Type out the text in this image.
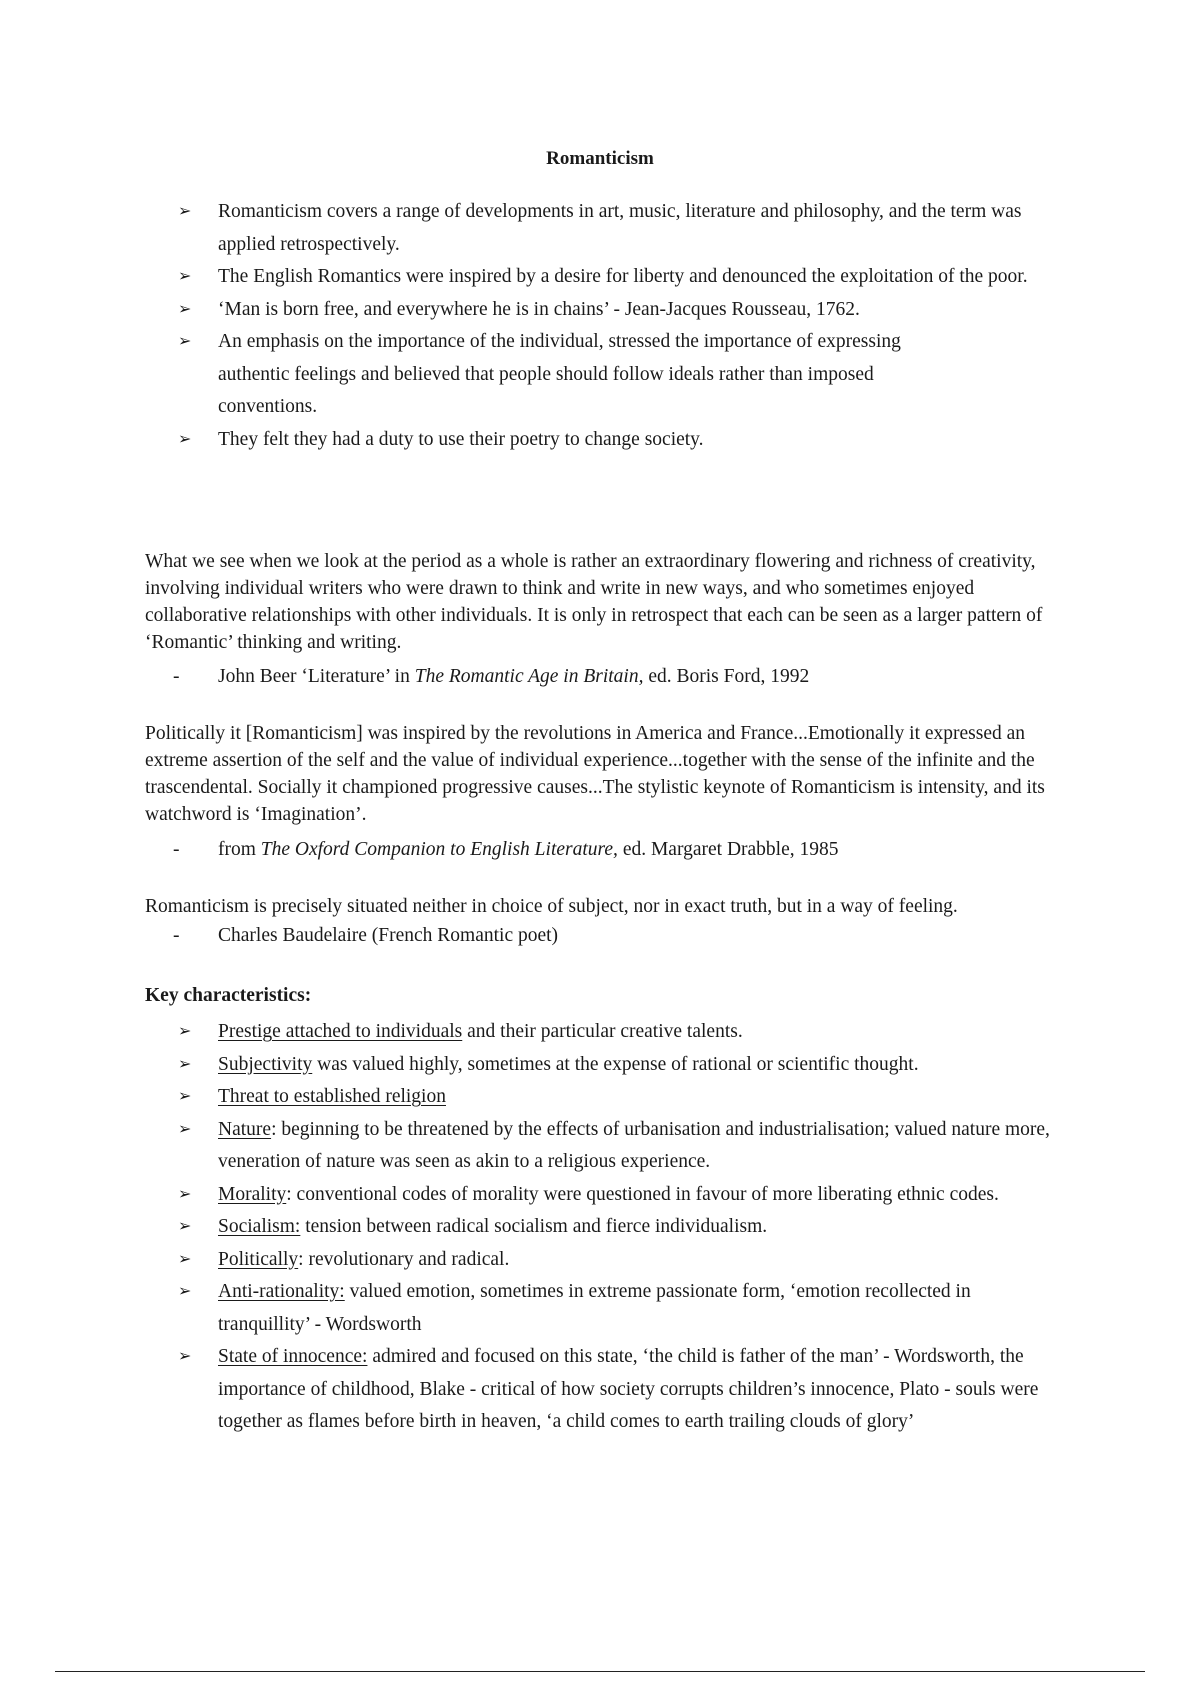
Romanticism
➢ Romanticism covers a range of developments in art, music, literature and philosophy, and the term was applied retrospectively.
➢ The English Romantics were inspired by a desire for liberty and denounced the exploitation of the poor.
➢ ‘Man is born free, and everywhere he is in chains’ - Jean-Jacques Rousseau, 1762.
➢ An emphasis on the importance of the individual, stressed the importance of expressing authentic feelings and believed that people should follow ideals rather than imposed conventions.
➢ They felt they had a duty to use their poetry to change society.

What we see when we look at the period as a whole is rather an extraordinary flowering and richness of creativity, involving individual writers who were drawn to think and write in new ways, and who sometimes enjoyed collaborative relationships with other individuals. It is only in retrospect that each can be seen as a larger pattern of ‘Romantic’ thinking and writing.

- John Beer ‘Literature’ in The Romantic Age in Britain, ed. Boris Ford, 1992

Politically it [Romanticism] was inspired by the revolutions in America and France...Emotionally it expressed an extreme assertion of the self and the value of individual experience...together with the sense of the infinite and the trascendental. Socially it championed progressive causes...The stylistic keynote of Romanticism is intensity, and its watchword is ‘Imagination’.

- from The Oxford Companion to English Literature, ed. Margaret Drabble, 1985

Romanticism is precisely situated neither in choice of subject, nor in exact truth, but in a way of feeling.

- Charles Baudelaire (French Romantic poet)
Key characteristics:
➢ Prestige attached to individuals and their particular creative talents.
➢ Subjectivity was valued highly, sometimes at the expense of rational or scientific thought.
➢ Threat to established religion
➢ Nature: beginning to be threatened by the effects of urbanisation and industrialisation; valued nature more, veneration of nature was seen as akin to a religious experience.
➢ Morality: conventional codes of morality were questioned in favour of more liberating ethnic codes.
➢ Socialism: tension between radical socialism and fierce individualism.
➢ Politically: revolutionary and radical.
➢ Anti-rationality: valued emotion, sometimes in extreme passionate form, ‘emotion recollected in tranquillity’ - Wordsworth
➢ State of innocence: admired and focused on this state, ‘the child is father of the man’ - Wordsworth, the importance of childhood, Blake - critical of how society corrupts children’s innocence, Plato - souls were together as flames before birth in heaven, ‘a child comes to earth trailing clouds of glory’
